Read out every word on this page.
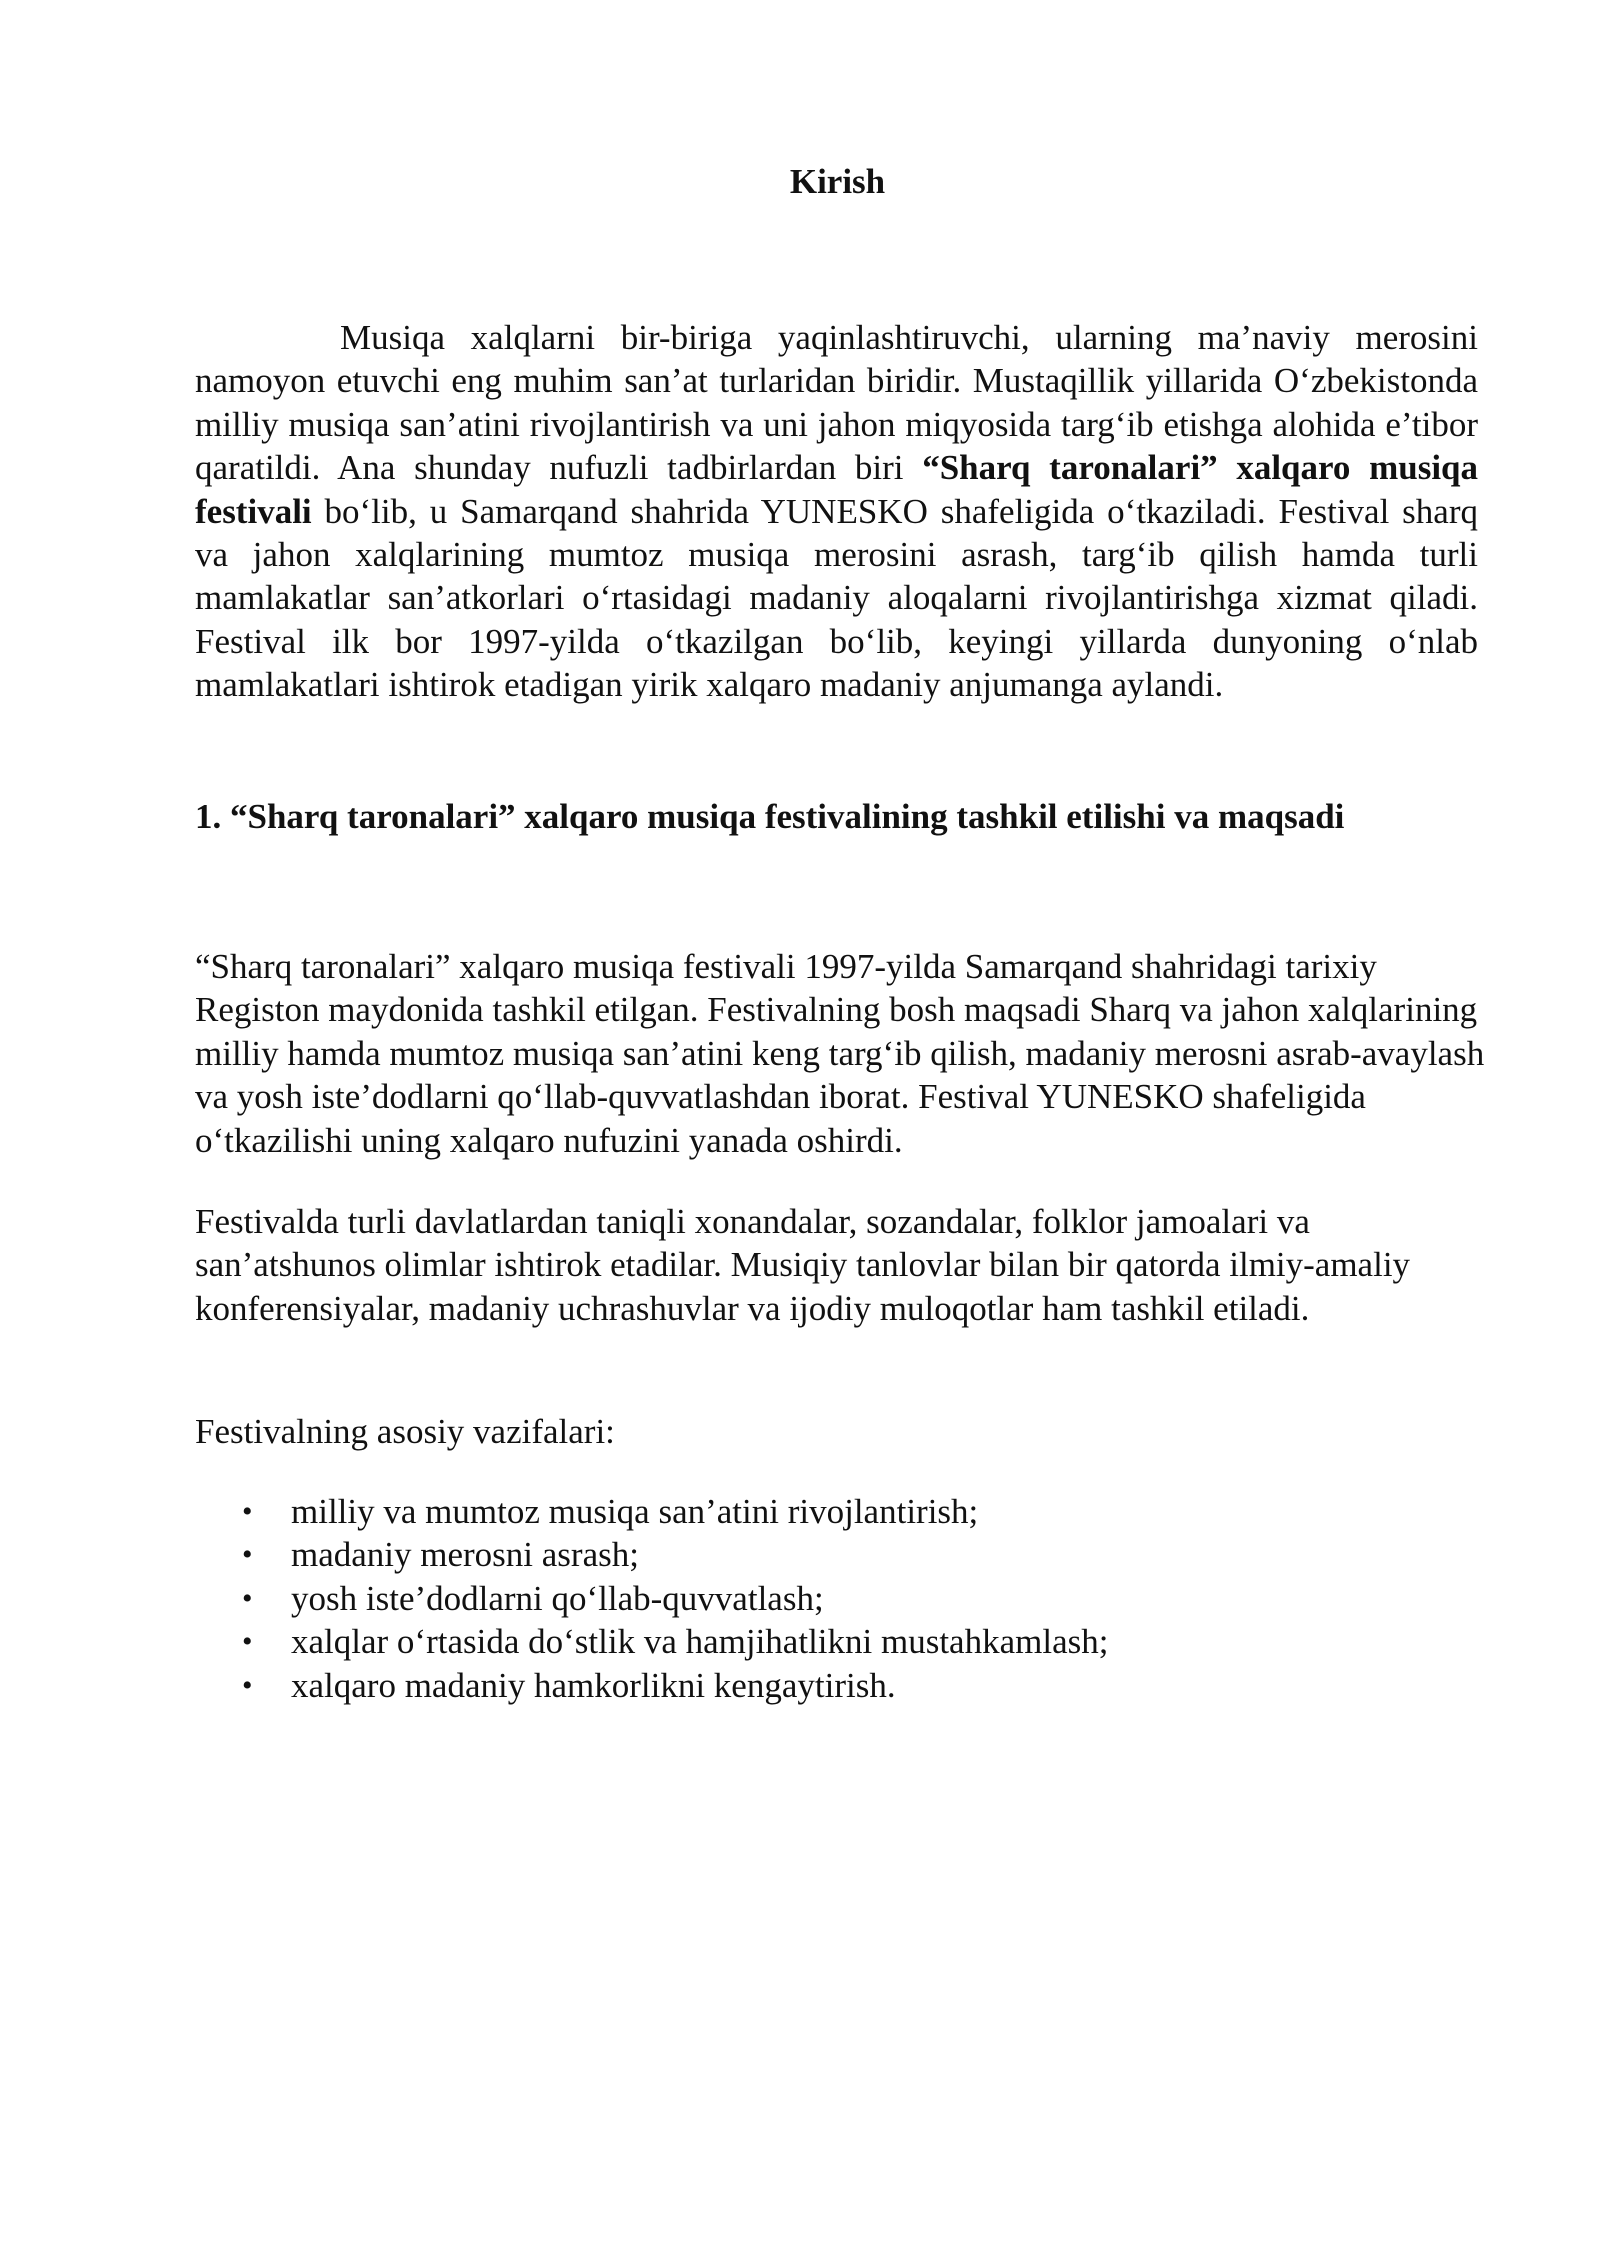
Kirish

Musiqa xalqlarni bir-biriga yaqinlashtiruvchi, ularning ma’naviy merosini namoyon etuvchi eng muhim san’at turlaridan biridir. Mustaqillik yillarida O‘zbekistonda milliy musiqa san’atini rivojlantirish va uni jahon miqyosida targ‘ib etishga alohida e’tibor qaratildi. Ana shunday nufuzli tadbirlardan biri “Sharq taronalari” xalqaro musiqa festivali bo‘lib, u Samarqand shahrida YUNESKO shafeligida o‘tkaziladi. Festival sharq va jahon xalqlarining mumtoz musiqa merosini asrash, targ‘ib qilish hamda turli mamlakatlar san’atkorlari o‘rtasidagi madaniy aloqalarni rivojlantirishga xizmat qiladi. Festival ilk bor 1997-yilda o‘tkazilgan bo‘lib, keyingi yillarda dunyoning o‘nlab mamlakatlari ishtirok etadigan yirik xalqaro madaniy anjumanga aylandi.

1. “Sharq taronalari” xalqaro musiqa festivalining tashkil etilishi va maqsadi

“Sharq taronalari” xalqaro musiqa festivali 1997-yilda Samarqand shahridagi tarixiy Registon maydonida tashkil etilgan. Festivalning bosh maqsadi Sharq va jahon xalqlarining milliy hamda mumtoz musiqa san’atini keng targ‘ib qilish, madaniy merosni asrab-avaylash va yosh iste’dodlarni qo‘llab-quvvatlashdan iborat. Festival YUNESKO shafeligida o‘tkazilishi uning xalqaro nufuzini yanada oshirdi.

Festivalda turli davlatlardan taniqli xonandalar, sozandalar, folklor jamoalari va san’atshunos olimlar ishtirok etadilar. Musiqiy tanlovlar bilan bir qatorda ilmiy-amaliy konferensiyalar, madaniy uchrashuvlar va ijodiy muloqotlar ham tashkil etiladi.

Festivalning asosiy vazifalari:

• milliy va mumtoz musiqa san’atini rivojlantirish;
• madaniy merosni asrash;
• yosh iste’dodlarni qo‘llab-quvvatlash;
• xalqlar o‘rtasida do‘stlik va hamjihatlikni mustahkamlash;
• xalqaro madaniy hamkorlikni kengaytirish.
